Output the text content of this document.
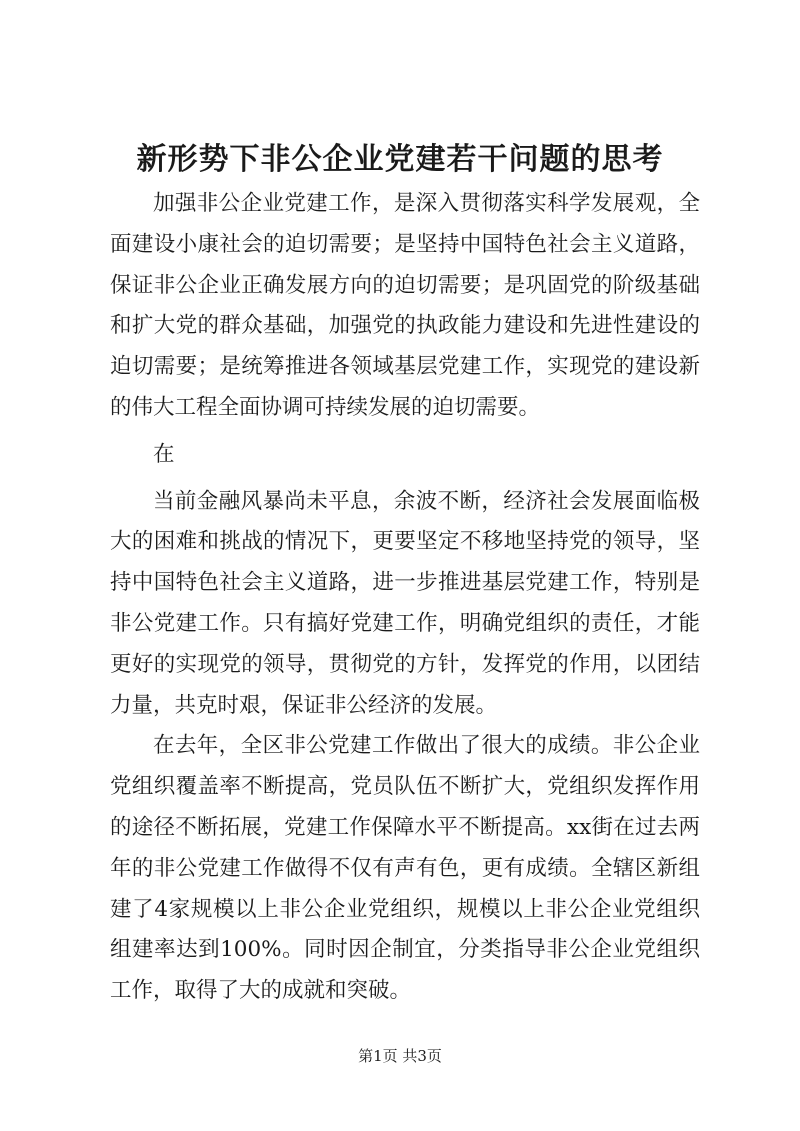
新形势下非公企业党建若干问题的思考

加强非公企业党建工作，是深入贯彻落实科学发展观，全面建设小康社会的迫切需要；是坚持中国特色社会主义道路，保证非公企业正确发展方向的迫切需要；是巩固党的阶级基础和扩大党的群众基础，加强党的执政能力建设和先进性建设的迫切需要；是统筹推进各领域基层党建工作，实现党的建设新的伟大工程全面协调可持续发展的迫切需要。

在

当前金融风暴尚未平息，余波不断，经济社会发展面临极大的困难和挑战的情况下，更要坚定不移地坚持党的领导，坚持中国特色社会主义道路，进一步推进基层党建工作，特别是非公党建工作。只有搞好党建工作，明确党组织的责任，才能更好的实现党的领导，贯彻党的方针，发挥党的作用，以团结力量，共克时艰，保证非公经济的发展。

在去年，全区非公党建工作做出了很大的成绩。非公企业党组织覆盖率不断提高，党员队伍不断扩大，党组织发挥作用的途径不断拓展，党建工作保障水平不断提高。xx街在过去两年的非公党建工作做得不仅有声有色，更有成绩。全辖区新组建了4家规模以上非公企业党组织，规模以上非公企业党组织组建率达到100%。同时因企制宜，分类指导非公企业党组织工作，取得了大的成就和突破。

第1页 共3页
